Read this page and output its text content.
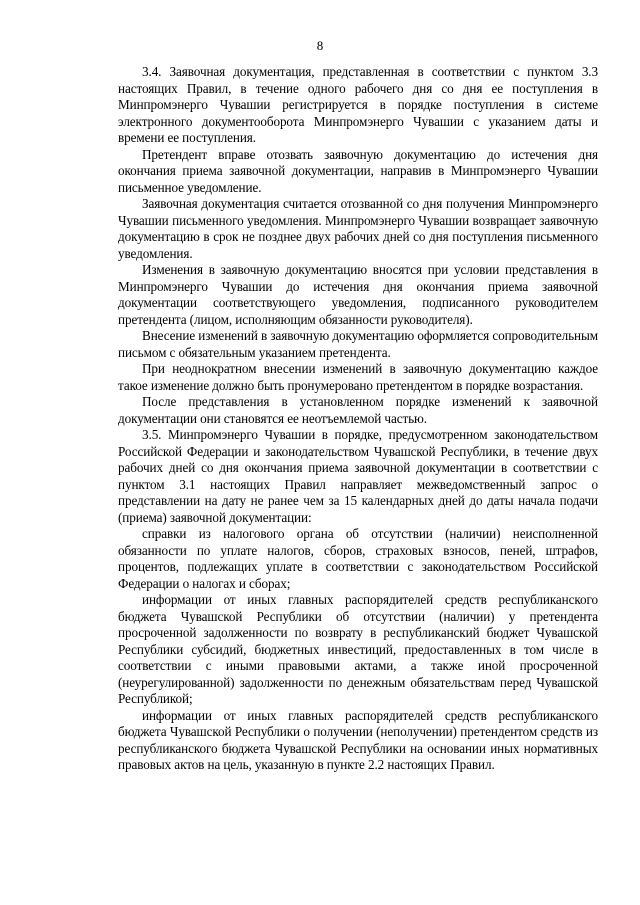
8

3.4. Заявочная документация, представленная в соответствии с пунктом 3.3 настоящих Правил, в течение одного рабочего дня со дня ее поступления в Минпромэнерго Чувашии регистрируется в порядке поступления в системе электронного документооборота Минпромэнерго Чувашии с указанием даты и времени ее поступления.

Претендент вправе отозвать заявочную документацию до истечения дня окончания приема заявочной документации, направив в Минпромэнерго Чувашии письменное уведомление.

Заявочная документация считается отозванной со дня получения Минпромэнерго Чувашии письменного уведомления. Минпромэнерго Чувашии возвращает заявочную документацию в срок не позднее двух рабочих дней со дня поступления письменного уведомления.

Изменения в заявочную документацию вносятся при условии представления в Минпромэнерго Чувашии до истечения дня окончания приема заявочной документации соответствующего уведомления, подписанного руководителем претендента (лицом, исполняющим обязанности руководителя).

Внесение изменений в заявочную документацию оформляется сопроводительным письмом с обязательным указанием претендента.

При неоднократном внесении изменений в заявочную документацию каждое такое изменение должно быть пронумеровано претендентом в порядке возрастания.

После представления в установленном порядке изменений к заявочной документации они становятся ее неотъемлемой частью.

3.5. Минпромэнерго Чувашии в порядке, предусмотренном законодательством Российской Федерации и законодательством Чувашской Республики, в течение двух рабочих дней со дня окончания приема заявочной документации в соответствии с пунктом 3.1 настоящих Правил направляет межведомственный запрос о представлении на дату не ранее чем за 15 календарных дней до даты начала подачи (приема) заявочной документации:

справки из налогового органа об отсутствии (наличии) неисполненной обязанности по уплате налогов, сборов, страховых взносов, пеней, штрафов, процентов, подлежащих уплате в соответствии с законодательством Российской Федерации о налогах и сборах;

информации от иных главных распорядителей средств республиканского бюджета Чувашской Республики об отсутствии (наличии) у претендента просроченной задолженности по возврату в республиканский бюджет Чувашской Республики субсидий, бюджетных инвестиций, предоставленных в том числе в соответствии с иными правовыми актами, а также иной просроченной (неурегулированной) задолженности по денежным обязательствам перед Чувашской Республикой;

информации от иных главных распорядителей средств республиканского бюджета Чувашской Республики о получении (неполучении) претендентом средств из республиканского бюджета Чувашской Республики на основании иных нормативных правовых актов на цель, указанную в пункте 2.2 настоящих Правил.
